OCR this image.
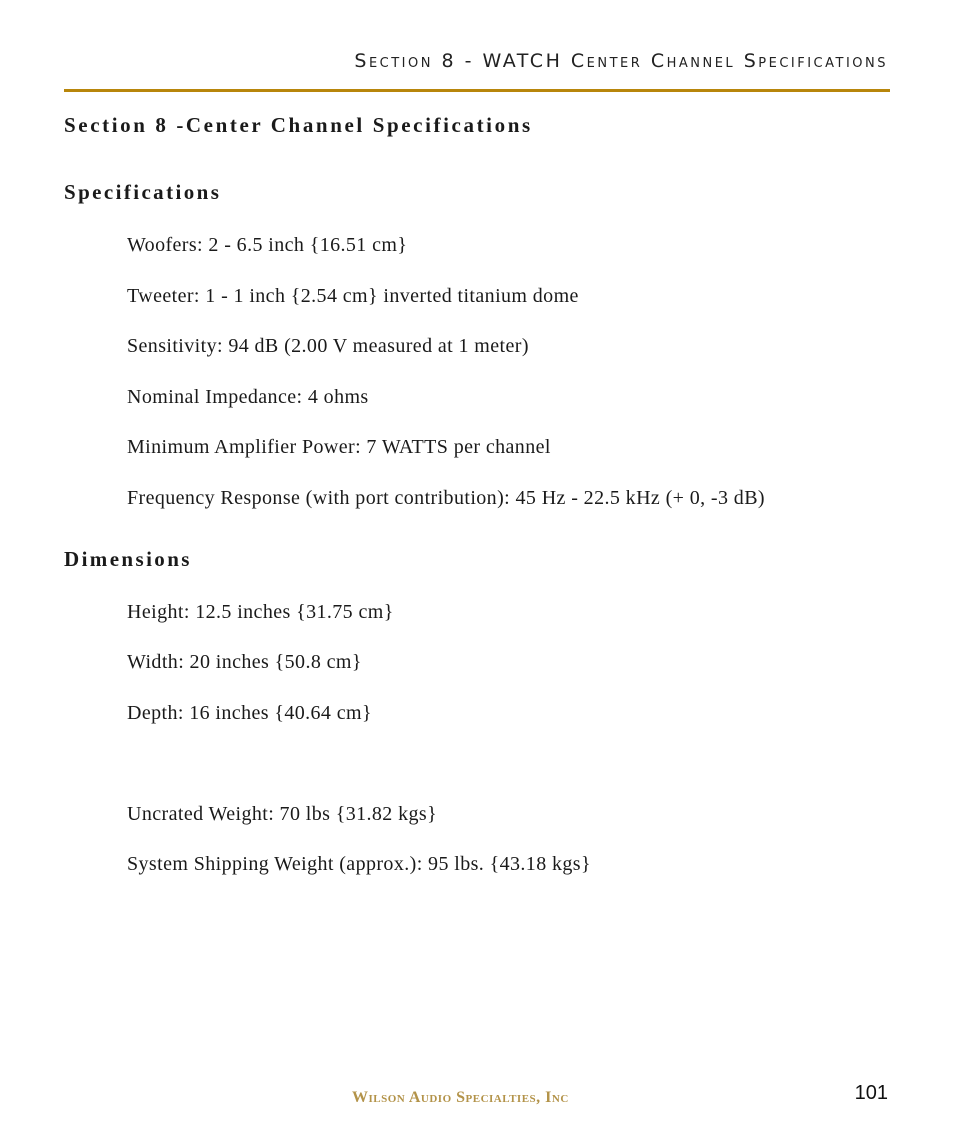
Section 8 - WATCH Center Channel Specifications
Section 8 -Center Channel Specifications
Specifications
Woofers: 2 - 6.5 inch {16.51 cm}
Tweeter: 1 - 1 inch {2.54 cm} inverted titanium dome
Sensitivity: 94 dB (2.00 V measured at 1 meter)
Nominal Impedance: 4 ohms
Minimum Amplifier Power: 7 WATTS per channel
Frequency Response (with port contribution): 45 Hz - 22.5 kHz (+ 0, -3 dB)
Dimensions
Height: 12.5 inches {31.75 cm}
Width: 20 inches {50.8 cm}
Depth: 16 inches {40.64 cm}
Uncrated Weight: 70 lbs {31.82 kgs}
System Shipping Weight (approx.): 95 lbs. {43.18 kgs}
Wilson Audio Specialties, Inc	101
